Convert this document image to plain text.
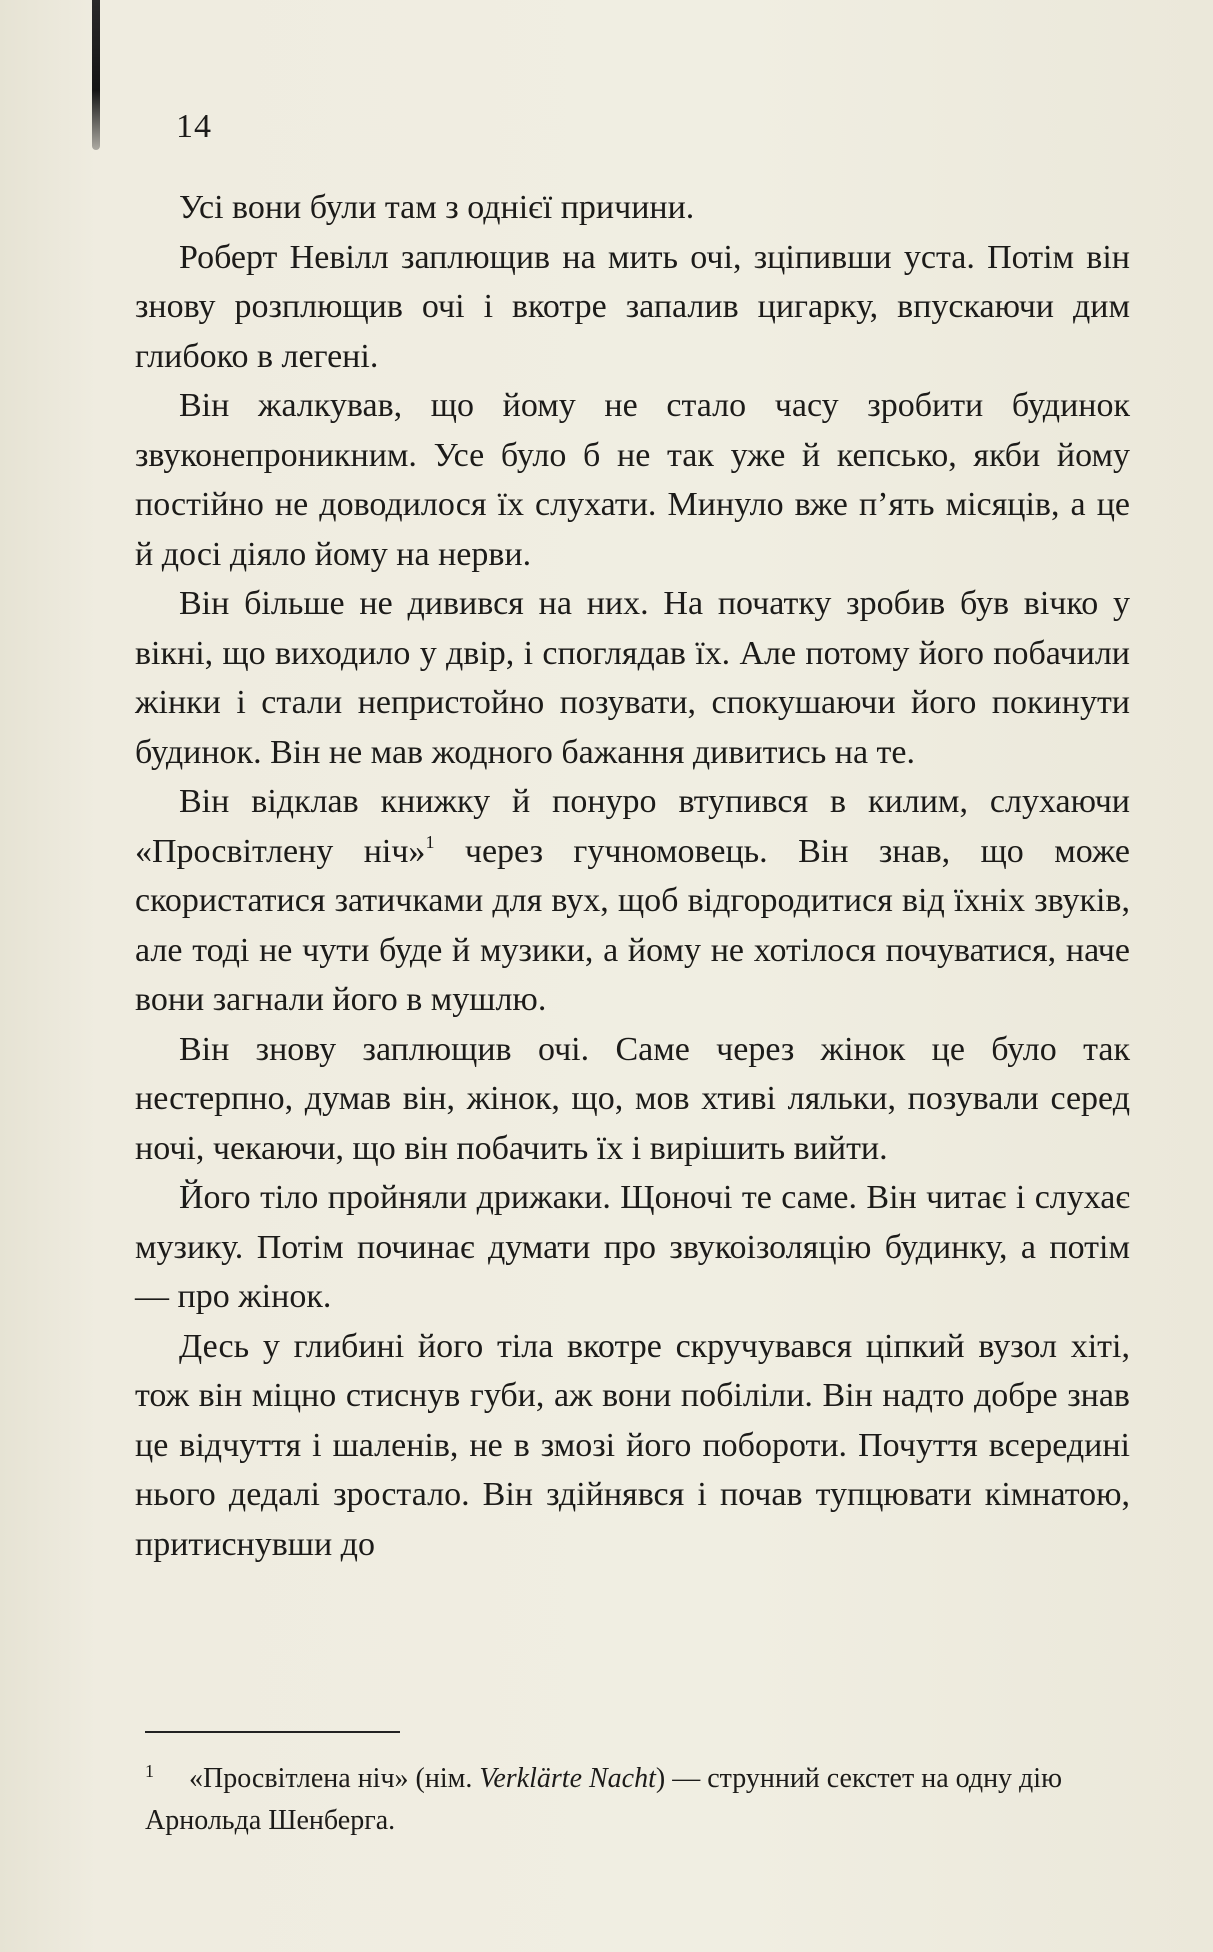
14

Усі вони були там з однієї причини.

Роберт Невілл заплющив на мить очі, зціпивши уста. Потім він знову розплющив очі і вкотре запалив цигарку, впускаючи дим глибоко в легені.

Він жалкував, що йому не стало часу зробити будинок звуконепроникним. Усе було б не так уже й кепсько, якби йому постійно не доводилося їх слухати. Минуло вже п’ять місяців, а це й досі діяло йому на нерви.

Він більше не дивився на них. На початку зробив був вічко у вікні, що виходило у двір, і споглядав їх. Але потому його побачили жінки і стали непристойно позувати, спокушаючи його покинути будинок. Він не мав жодного бажання дивитись на те.

Він відклав книжку й понуро втупився в килим, слухаючи «Просвітлену ніч»$^1$ через гучномовець. Він знав, що може скористатися затичками для вух, щоб відгородитися від їхніх звуків, але тоді не чути буде й музики, а йому не хотілося почуватися, наче вони загнали його в мушлю.

Він знову заплющив очі. Саме через жінок це було так нестерпно, думав він, жінок, що, мов хтиві ляльки, позували серед ночі, чекаючи, що він побачить їх і вирішить вийти.

Його тіло пройняли дрижаки. Щоночі те саме. Він читає і слухає музику. Потім починає думати про звукоізоляцію будинку, а потім — про жінок.

Десь у глибині його тіла вкотре скручувався ціпкий вузол хіті, тож він міцно стиснув губи, аж вони побіліли. Він надто добре знав це відчуття і шаленів, не в змозі його побороти. Почуття всередині нього дедалі зростало. Він здійнявся і почав тупцювати кімнатою, притиснувши до

1 «Просвітлена ніч» (нім. Verklärte Nacht) — струнний секстет на одну дію Арнольда Шенберга.
